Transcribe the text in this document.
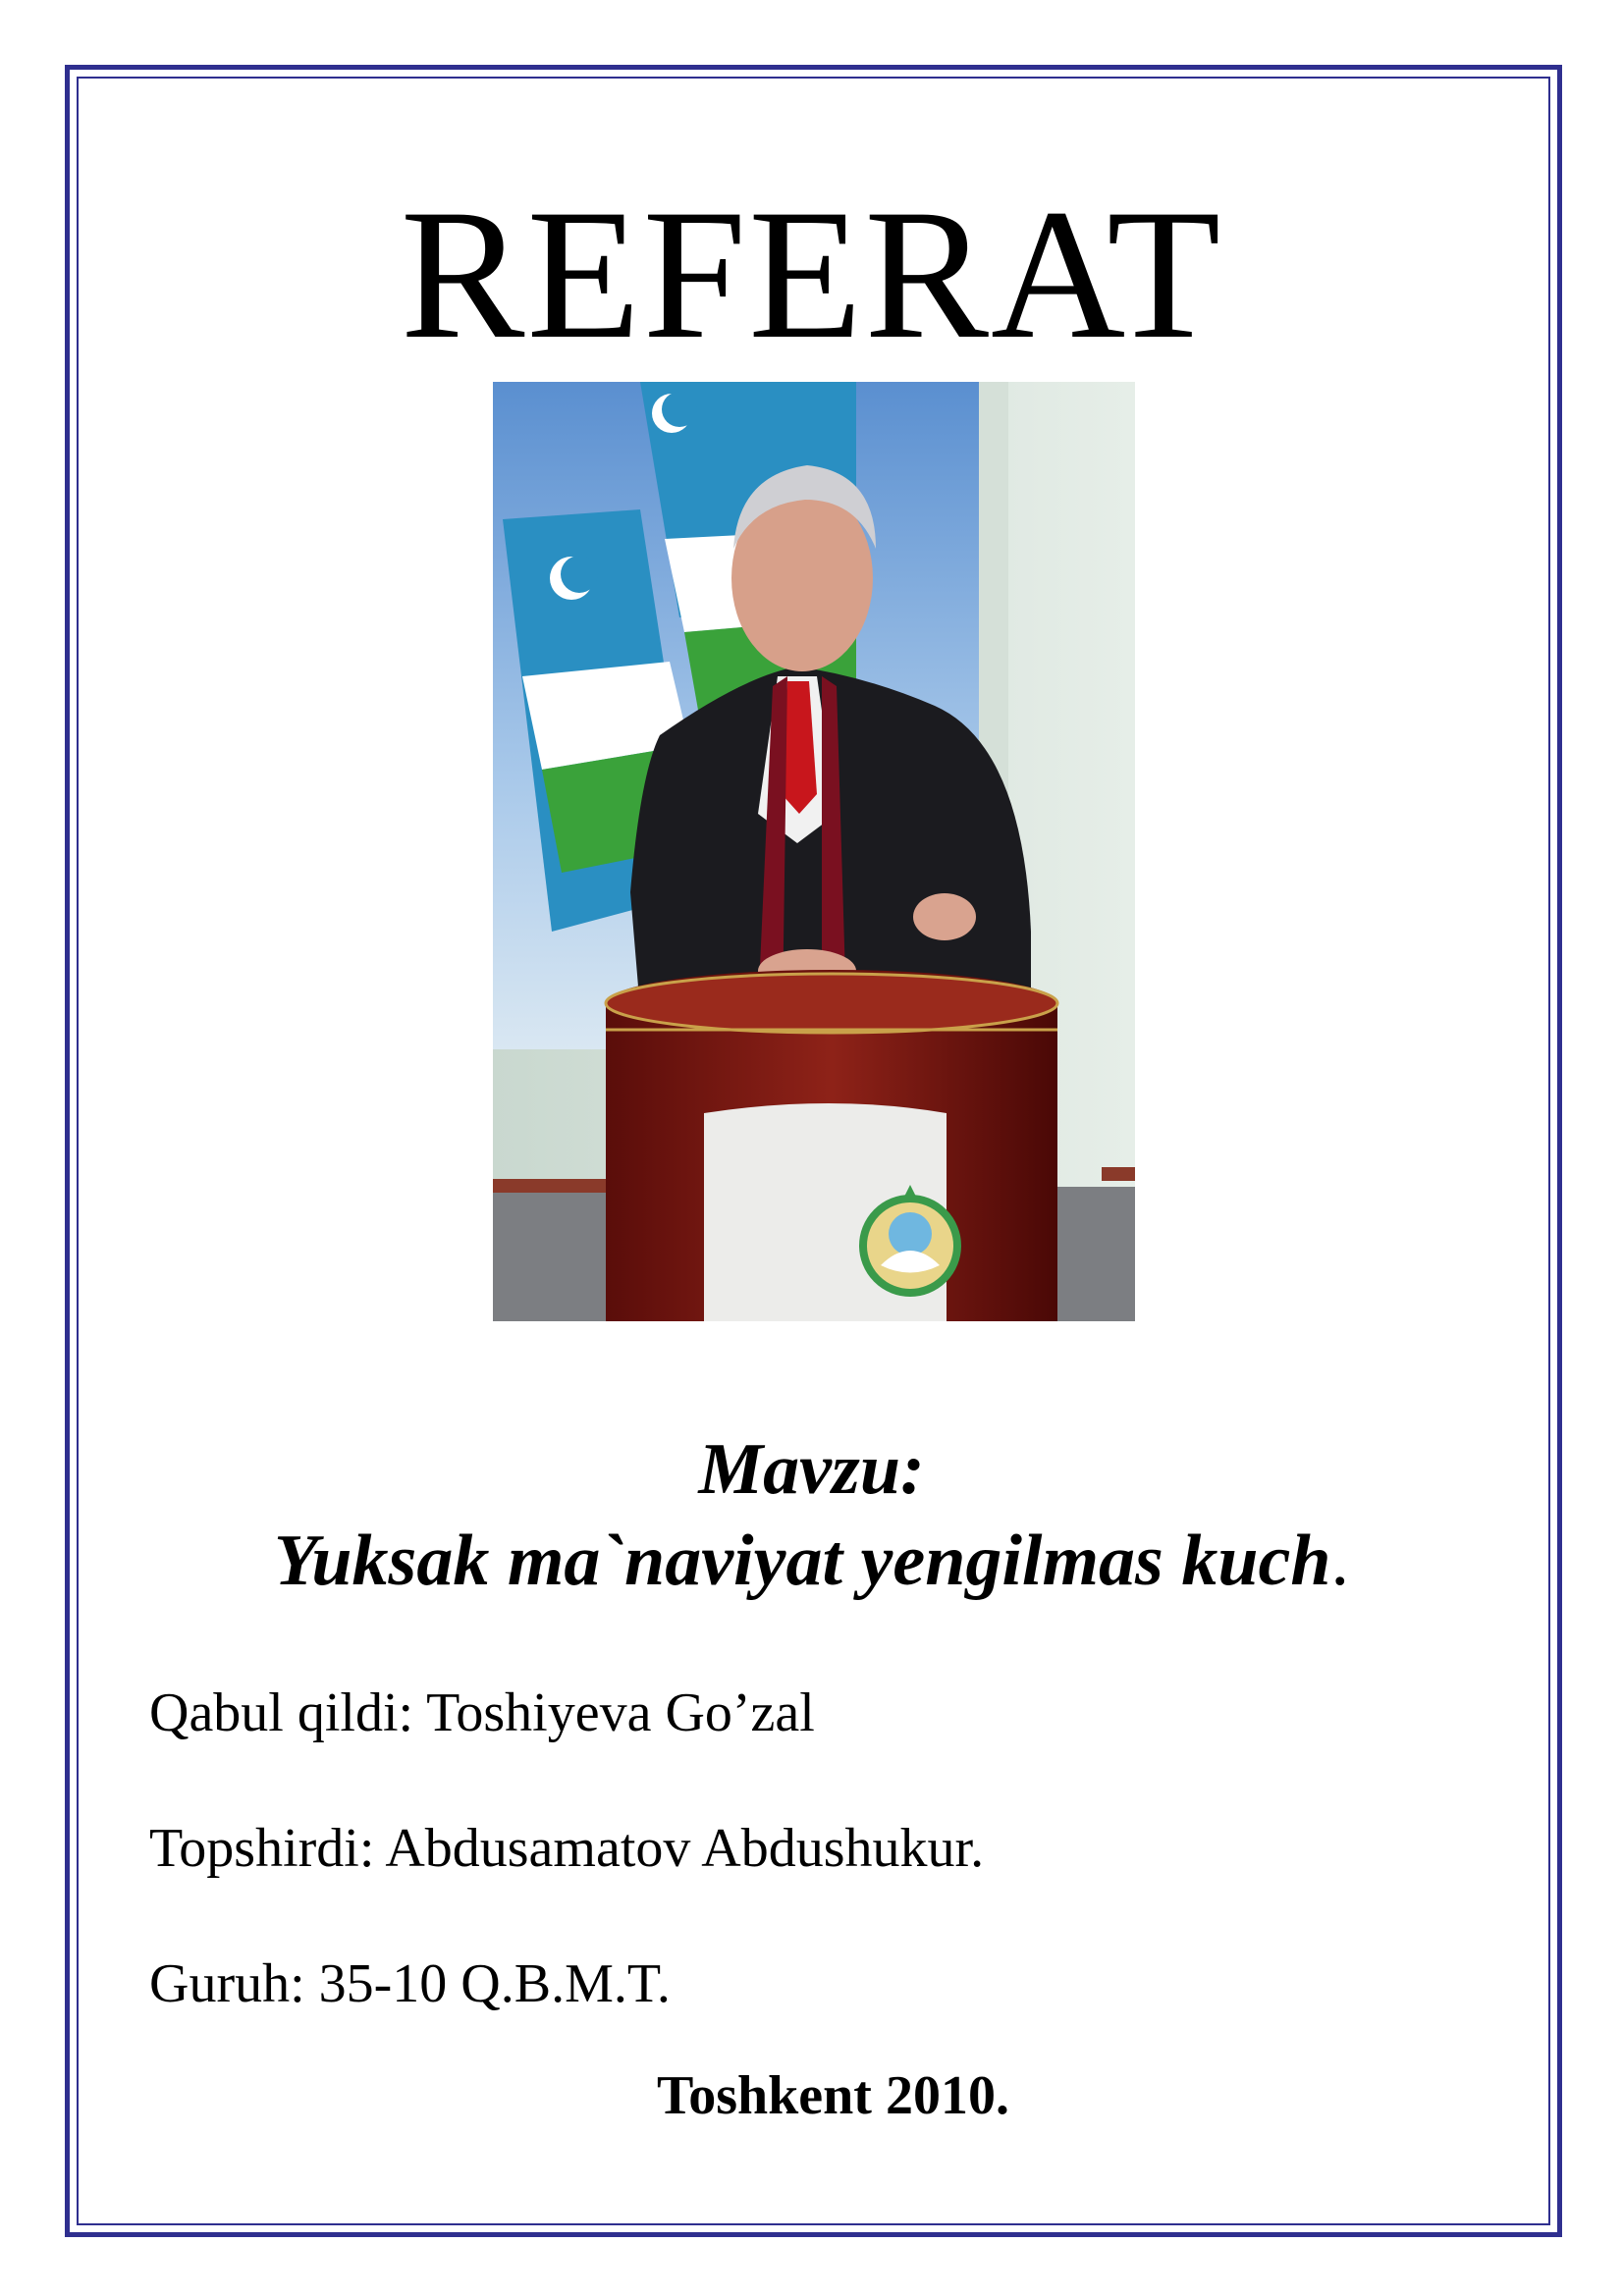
REFERAT
Mavzu:
Yuksak ma`naviyat yengilmas kuch.
Qabul qildi: Toshiyeva Go’zal
Topshirdi: Abdusamatov Abdushukur.
Guruh: 35-10 Q.B.M.T.
Toshkent 2010.
